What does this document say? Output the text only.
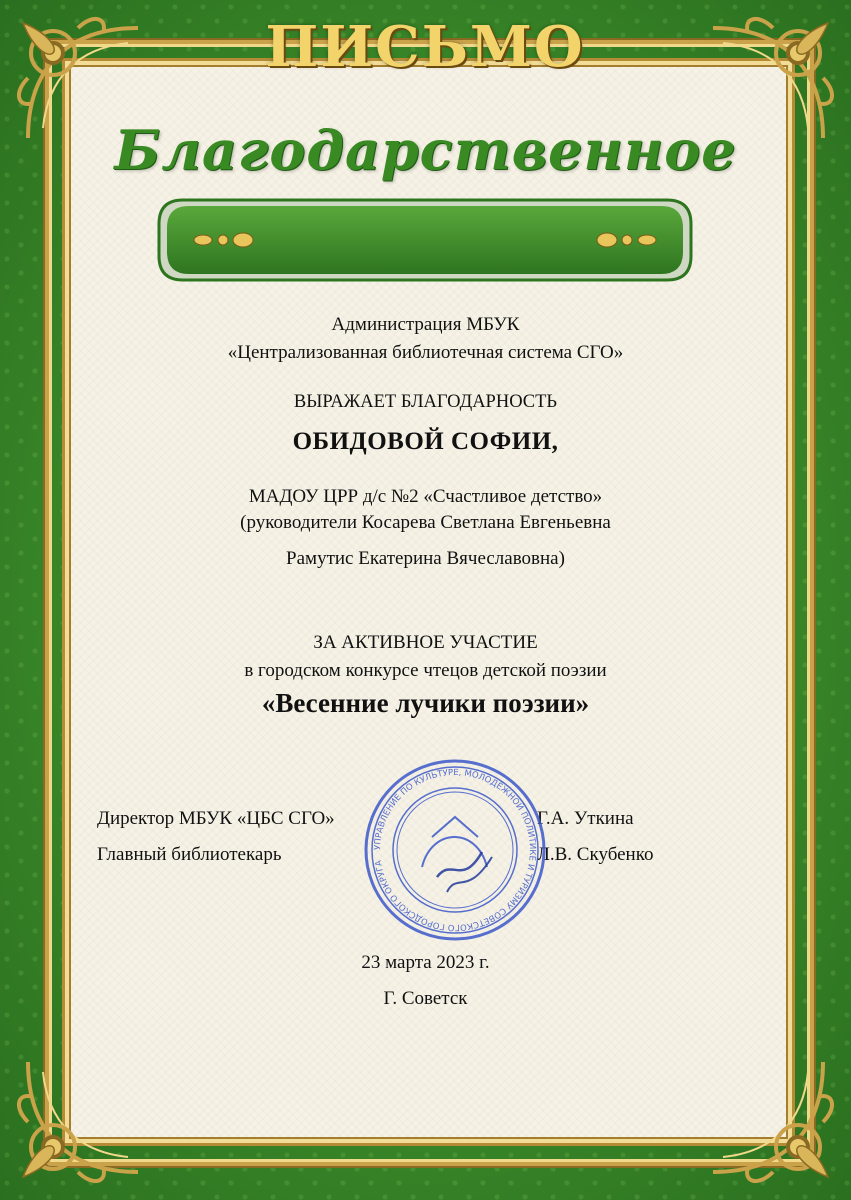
Благодарственное
ПИСЬМО
Администрация МБУК
«Централизованная библиотечная система СГО»
ВЫРАЖАЕТ БЛАГОДАРНОСТЬ
ОБИДОВОЙ СОФИИ,
МАДОУ ЦРР д/с №2 «Счастливое детство»
(руководители Косарева Светлана Евгеньевна
Рамутис Екатерина Вячеславовна)
ЗА АКТИВНОЕ УЧАСТИЕ
в городском конкурсе чтецов детской поэзии
«Весенние лучики поэзии»
Директор МБУК «ЦБС СГО»
Главный библиотекарь
Г.А. Уткина
Л.В. Скубенко
УПРАВЛЕНИЕ ПО КУЛЬТУРЕ, МОЛОДЁЖНОЙ ПОЛИТИКЕ И ТУРИЗМУ СОВЕТСКОГО ГОРОДСКОГО ОКРУГА
23 марта 2023 г.
Г. Советск
